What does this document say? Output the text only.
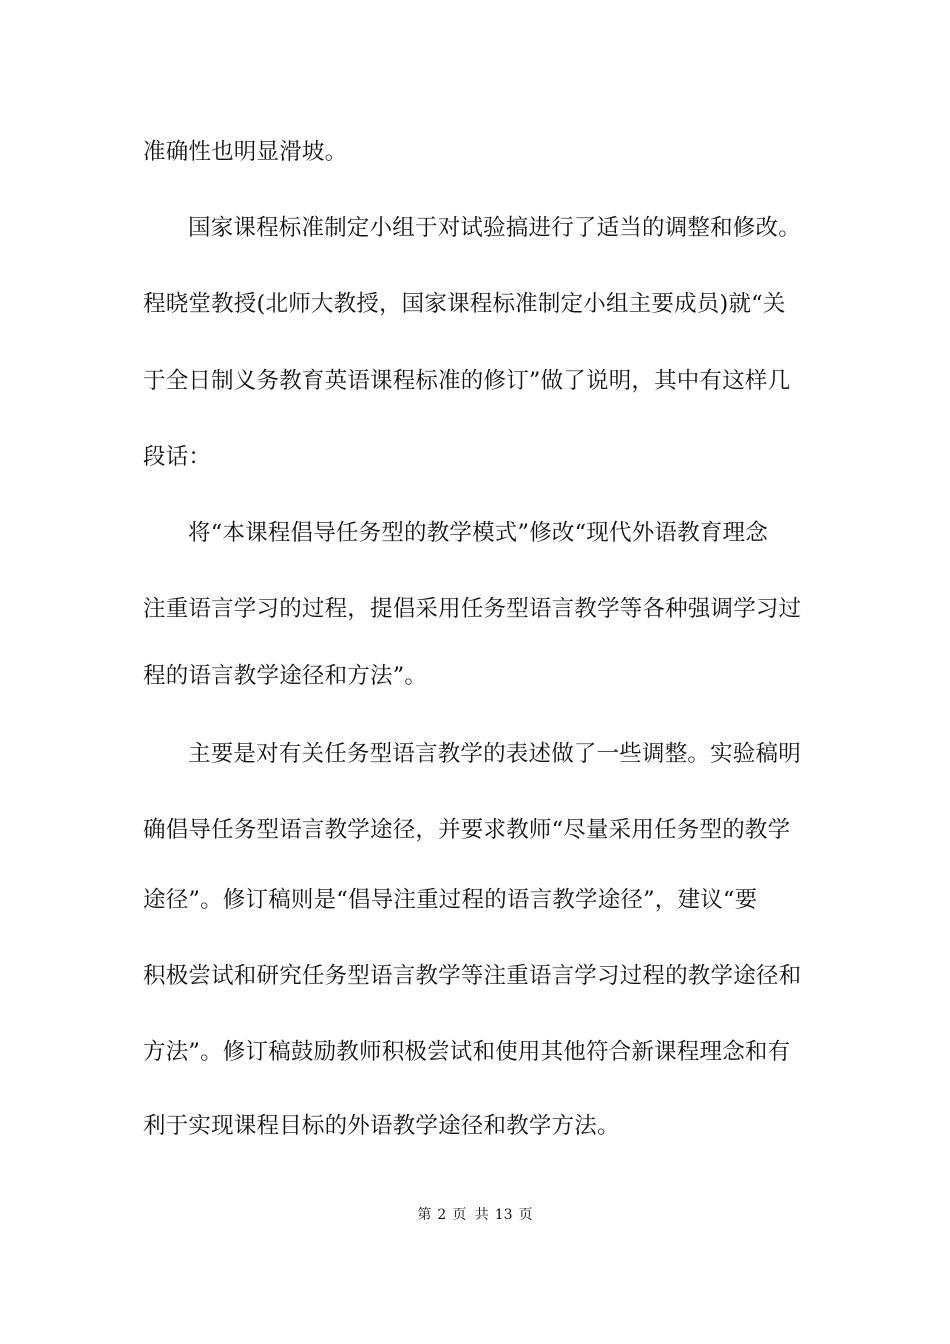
准确性也明显滑坡。
国家课程标准制定小组于对试验搞进行了适当的调整和修改。
程晓堂教授(北师大教授，国家课程标准制定小组主要成员)就“关
于全日制义务教育英语课程标准的修订”做了说明，其中有这样几
段话：
将“本课程倡导任务型的教学模式”修改“现代外语教育理念
注重语言学习的过程，提倡采用任务型语言教学等各种强调学习过
程的语言教学途径和方法”。
主要是对有关任务型语言教学的表述做了一些调整。实验稿明
确倡导任务型语言教学途径，并要求教师“尽量采用任务型的教学
途径”。修订稿则是“倡导注重过程的语言教学途径”，建议“要
积极尝试和研究任务型语言教学等注重语言学习过程的教学途径和
方法”。修订稿鼓励教师积极尝试和使用其他符合新课程理念和有
利于实现课程目标的外语教学途径和教学方法。
第 2 页 共 13 页
